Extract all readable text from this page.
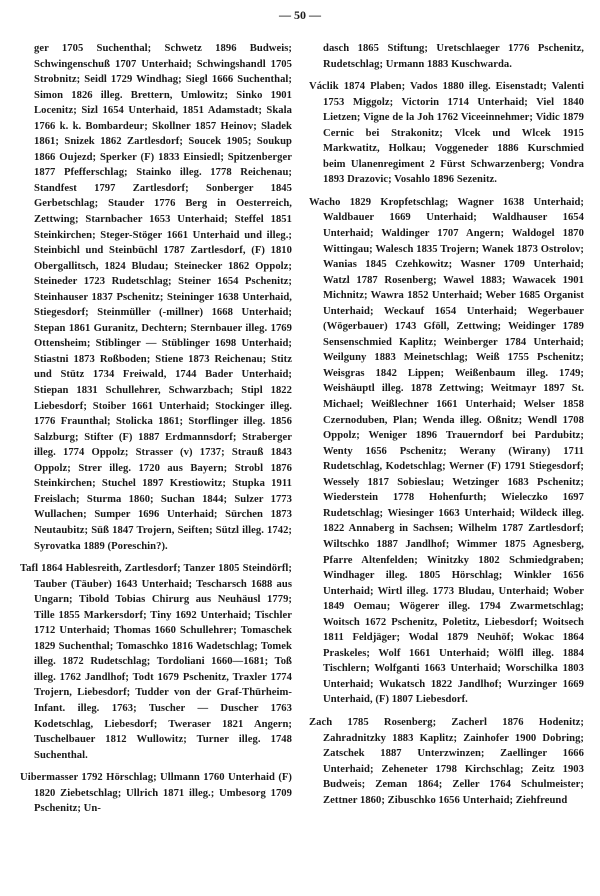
— 50 —

ger 1705 Suchenthal; Schwetz 1896 Budweis; Schwingenschuß 1707 Unterhaid; Schwingshandl 1705 Strobnitz; Seidl 1729 Windhag; Siegl 1666 Suchenthal; Simon 1826 illeg. Brettern, Umlowitz; Sinko 1901 Locenitz; Sizl 1654 Unterhaid, 1851 Adamstadt; Skala 1766 k. k. Bombardeur; Skollner 1857 Heinov; Sladek 1861; Snizek 1862 Zartlesdorf; Soucek 1905; Soukup 1866 Oujezd; Sperker (F) 1833 Einsiedl; Spitzenberger 1877 Pfefferschlag; Stainko illeg. 1778 Reichenau; Standfest 1797 Zartlesdorf; Sonberger 1845 Gerbetschlag; Stauder 1776 Berg in Oesterreich, Zettwing; Starnbacher 1653 Unterhaid; Steffel 1851 Steinkirchen; Steger-Stöger 1661 Unterhaid und illeg.; Steinbichl und Steinbüchl 1787 Zartlesdorf, (F) 1810 Obergallitsch, 1824 Bludau; Steinecker 1862 Oppolz; Steineder 1723 Rudetschlag; Steiner 1654 Pschenitz; Steinhauser 1837 Pschenitz; Steininger 1638 Unterhaid, Stiegesdorf; Steinmüller (-millner) 1668 Unterhaid; Stepan 1861 Guranitz, Dechtern; Sternbauer illeg. 1769 Ottensheim; Stiblinger — Stüblinger 1698 Unterhaid; Stiastni 1873 Roßboden; Stiene 1873 Reichenau; Stitz und Stütz 1734 Freiwald, 1744 Bader Unterhaid; Stiepan 1831 Schullehrer, Schwarzbach; Stipl 1822 Liebesdorf; Stoiber 1661 Unterhaid; Stockinger illeg. 1776 Fraunthal; Stolicka 1861; Storflinger illeg. 1856 Salzburg; Stifter (F) 1887 Erdmannsdorf; Straberger illeg. 1774 Oppolz; Strasser (v) 1737; Strauß 1843 Oppolz; Strer illeg. 1720 aus Bayern; Strobl 1876 Steinkirchen; Stuchel 1897 Krestiowitz; Stupka 1911 Freislach; Sturma 1860; Suchan 1844; Sulzer 1773 Wullachen; Sumper 1696 Unterhaid; Sürchen 1873 Neutaubitz; Süß 1847 Trojern, Seiften; Sützl illeg. 1742; Syrovatka 1889 (Poreschin?).

Tafl 1864 Hablesreith, Zartlesdorf; Tanzer 1805 Steindörfl; Tauber (Täuber) 1643 Unterhaid; Tescharsch 1688 aus Ungarn; Tibold Tobias Chirurg aus Neuhäusl 1779; Tille 1855 Markersdorf; Tiny 1692 Unterhaid; Tischler 1712 Unterhaid; Thomas 1660 Schullehrer; Tomaschek 1829 Suchenthal; Tomaschko 1816 Wadetschlag; Tomek illeg. 1872 Rudetschlag; Tordoliani 1660—1681; Toß illeg. 1762 Jandlhof; Todt 1679 Pschenitz, Traxler 1774 Trojern, Liebesdorf; Tudder von der Graf-Thürheim-Infant. illeg. 1763; Tuscher — Duscher 1763 Kodetschlag, Liebesdorf; Tweraser 1821 Angern; Tuschelbauer 1812 Wullowitz; Turner illeg. 1748 Suchenthal.

Uibermasser 1792 Hörschlag; Ullmann 1760 Unterhaid (F) 1820 Ziebetschlag; Ullrich 1871 illeg.; Umbesorg 1709 Pschenitz; Un-

dasch 1865 Stiftung; Uretschlaeger 1776 Pschenitz, Rudetschlag; Urmann 1883 Kuschwarda.

Václik 1874 Plaben; Vados 1880 illeg. Eisenstadt; Valenti 1753 Miggolz; Victorin 1714 Unterhaid; Viel 1840 Lietzen; Vigne de la Joh 1762 Viceeinnehmer; Vidic 1879 Cernic bei Strakonitz; Vlcek und Wlcek 1915 Markwatitz, Holkau; Voggeneder 1886 Kurschmied beim Ulanenregiment 2 Fürst Schwarzenberg; Vondra 1893 Drazovic; Vosahlo 1896 Sezenitz.

Wacho 1829 Kropfetschlag; Wagner 1638 Unterhaid; Waldbauer 1669 Unterhaid; Waldhauser 1654 Unterhaid; Waldinger 1707 Angern; Waldogel 1870 Wittingau; Walesch 1835 Trojern; Wanek 1873 Ostrolov; Wanias 1845 Czehkowitz; Wasner 1709 Unterhaid; Watzl 1787 Rosenberg; Wawel 1883; Wawacek 1901 Michnitz; Wawra 1852 Unterhaid; Weber 1685 Organist Unterhaid; Weckauf 1654 Unterhaid; Wegerbauer (Wögerbauer) 1743 Gföll, Zettwing; Weidinger 1789 Sensenschmied Kaplitz; Weinberger 1784 Unterhaid; Weilguny 1883 Meinetschlag; Weiß 1755 Pschenitz; Weisgras 1842 Lippen; Weißenbaum illeg. 1749; Weishäuptl illeg. 1878 Zettwing; Weitmayr 1897 St. Michael; Weißlechner 1661 Unterhaid; Welser 1858 Czernoduben, Plan; Wenda illeg. Oßnitz; Wendl 1708 Oppolz; Weniger 1896 Trauerndorf bei Pardubitz; Wenty 1656 Pschenitz; Werany (Wirany) 1711 Rudetschlag, Kodetschlag; Werner (F) 1791 Stiegesdorf; Wessely 1817 Sobieslau; Wetzinger 1683 Pschenitz; Wiederstein 1778 Hohenfurth; Wieleczko 1697 Rudetschlag; Wiesinger 1663 Unterhaid; Wildeck illeg. 1822 Annaberg in Sachsen; Wilhelm 1787 Zartlesdorf; Wiltschko 1887 Jandlhof; Wimmer 1875 Agnesberg, Pfarre Altenfelden; Winitzky 1802 Schmiedgraben; Windhager illeg. 1805 Hörschlag; Winkler 1656 Unterhaid; Wirtl illeg. 1773 Bludau, Unterhaid; Wober 1849 Oemau; Wögerer illeg. 1794 Zwarmetschlag; Woitsch 1672 Pschenitz, Poletitz, Liebesdorf; Woitsech 1811 Feldjäger; Wodal 1879 Neuhöf; Wokac 1864 Praskeles; Wolf 1661 Unterhaid; Wölfl illeg. 1884 Tischlern; Wolfganti 1663 Unterhaid; Worschilka 1803 Unterhaid; Wukatsch 1822 Jandlhof; Wurzinger 1669 Unterhaid, (F) 1807 Liebesdorf.

Zach 1785 Rosenberg; Zacherl 1876 Hodenitz; Zahradnitzky 1883 Kaplitz; Zainhofer 1900 Dobring; Zatschek 1887 Unterzwinzen; Zaellinger 1666 Unterhaid; Zeheneter 1798 Kirchschlag; Zeitz 1903 Budweis; Zeman 1864; Zeller 1764 Schulmeister; Zettner 1860; Zibuschko 1656 Unterhaid; Ziehfreund
